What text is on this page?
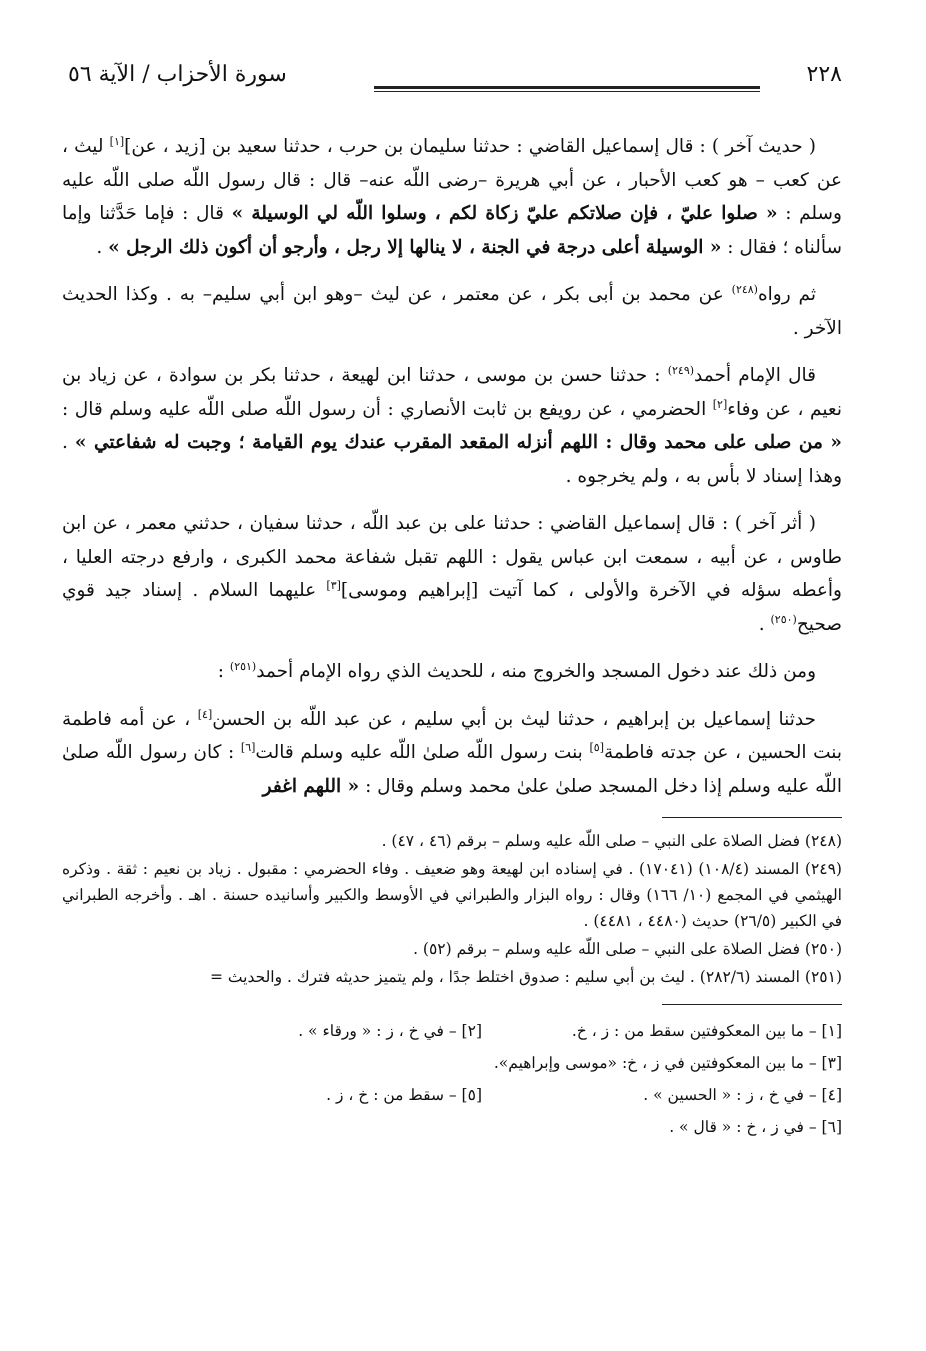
٢٢٨
سورة الأحزاب / الآية ٥٦

( حديث آخر ) : قال إسماعيل القاضي : حدثنا سليمان بن حرب ، حدثنا سعيد بن [زيد ، عن][١] ليث ، عن كعب – هو كعب الأحبار ، عن أبي هريرة –رضى اللّه عنه– قال : قال رسول اللّه صلى اللّه عليه وسلم : « صلوا عليّ ، فإن صلاتكم عليّ زكاة لكم ، وسلوا اللّه لي الوسيلة » قال : فإما حَدَّثنا وإما سألناه ؛ فقال : « الوسيلة أعلى درجة في الجنة ، لا ينالها إلا رجل ، وأرجو أن أكون ذلك الرجل » .

ثم رواه$^{(٢٤٨)}$ عن محمد بن أبى بكر ، عن معتمر ، عن ليث –وهو ابن أبي سليم– به . وكذا الحديث الآخر .

قال الإمام أحمد$^{(٢٤٩)}$ : حدثنا حسن بن موسى ، حدثنا ابن لهيعة ، حدثنا بكر بن سوادة ، عن زياد بن نعيم ، عن وفاء[٢] الحضرمي ، عن رويفع بن ثابت الأنصاري : أن رسول اللّه صلى اللّه عليه وسلم قال : « من صلى على محمد وقال : اللهم أنزله المقعد المقرب عندك يوم القيامة ؛ وجبت له شفاعتي » . وهذا إسناد لا بأس به ، ولم يخرجوه .

( أثر آخر ) : قال إسماعيل القاضي : حدثنا على بن عبد اللّه ، حدثنا سفيان ، حدثني معمر ، عن ابن طاوس ، عن أبيه ، سمعت ابن عباس يقول : اللهم تقبل شفاعة محمد الكبرى ، وارفع درجته العليا ، وأعطه سؤله في الآخرة والأولى ، كما آتيت [إبراهيم وموسى][٣] عليهما السلام . إسناد جيد قوي صحيح$^{(٢٥٠)}$ .

ومن ذلك عند دخول المسجد والخروج منه ، للحديث الذي رواه الإمام أحمد$^{(٢٥١)}$ :

حدثنا إسماعيل بن إبراهيم ، حدثنا ليث بن أبي سليم ، عن عبد اللّه بن الحسن[٤] ، عن أمه فاطمة بنت الحسين ، عن جدته فاطمة[٥] بنت رسول اللّه صلىٰ اللّه عليه وسلم قالت[٦] : كان رسول اللّه صلىٰ اللّه عليه وسلم إذا دخل المسجد صلىٰ علىٰ محمد وسلم وقال : « اللهم اغفر

(٢٤٨) فضل الصلاة على النبي – صلى اللّه عليه وسلم – برقم (٤٦ ، ٤٧) .

(٢٤٩) المسند (١٠٨/٤) (١٧٠٤١) . في إسناده ابن لهيعة وهو ضعيف . وفاء الحضرمي : مقبول . زياد بن نعيم : ثقة . وذكره الهيثمي في المجمع (١٠/ ١٦٦) وقال : رواه البزار والطبراني في الأوسط والكبير وأسانيده حسنة . اهـ . وأخرجه الطبراني في الكبير (٢٦/٥) حديث (٤٤٨٠ ، ٤٤٨١) .

(٢٥٠) فضل الصلاة على النبي – صلى اللّه عليه وسلم – برقم (٥٢) .

(٢٥١) المسند (٢٨٢/٦) . ليث بن أبي سليم : صدوق اختلط جدًا ، ولم يتميز حديثه فترك . والحديث =

[١] – ما بين المعكوفتين سقط من : ز ، خ.
[٢] – في خ ، ز : « ورقاء » .
[٣] – ما بين المعكوفتين في ز ، خ: «موسى وإبراهيم».
[٤] – في خ ، ز : « الحسين » .
[٥] – سقط من : خ ، ز .
[٦] – في ز ، خ : « قال » .
